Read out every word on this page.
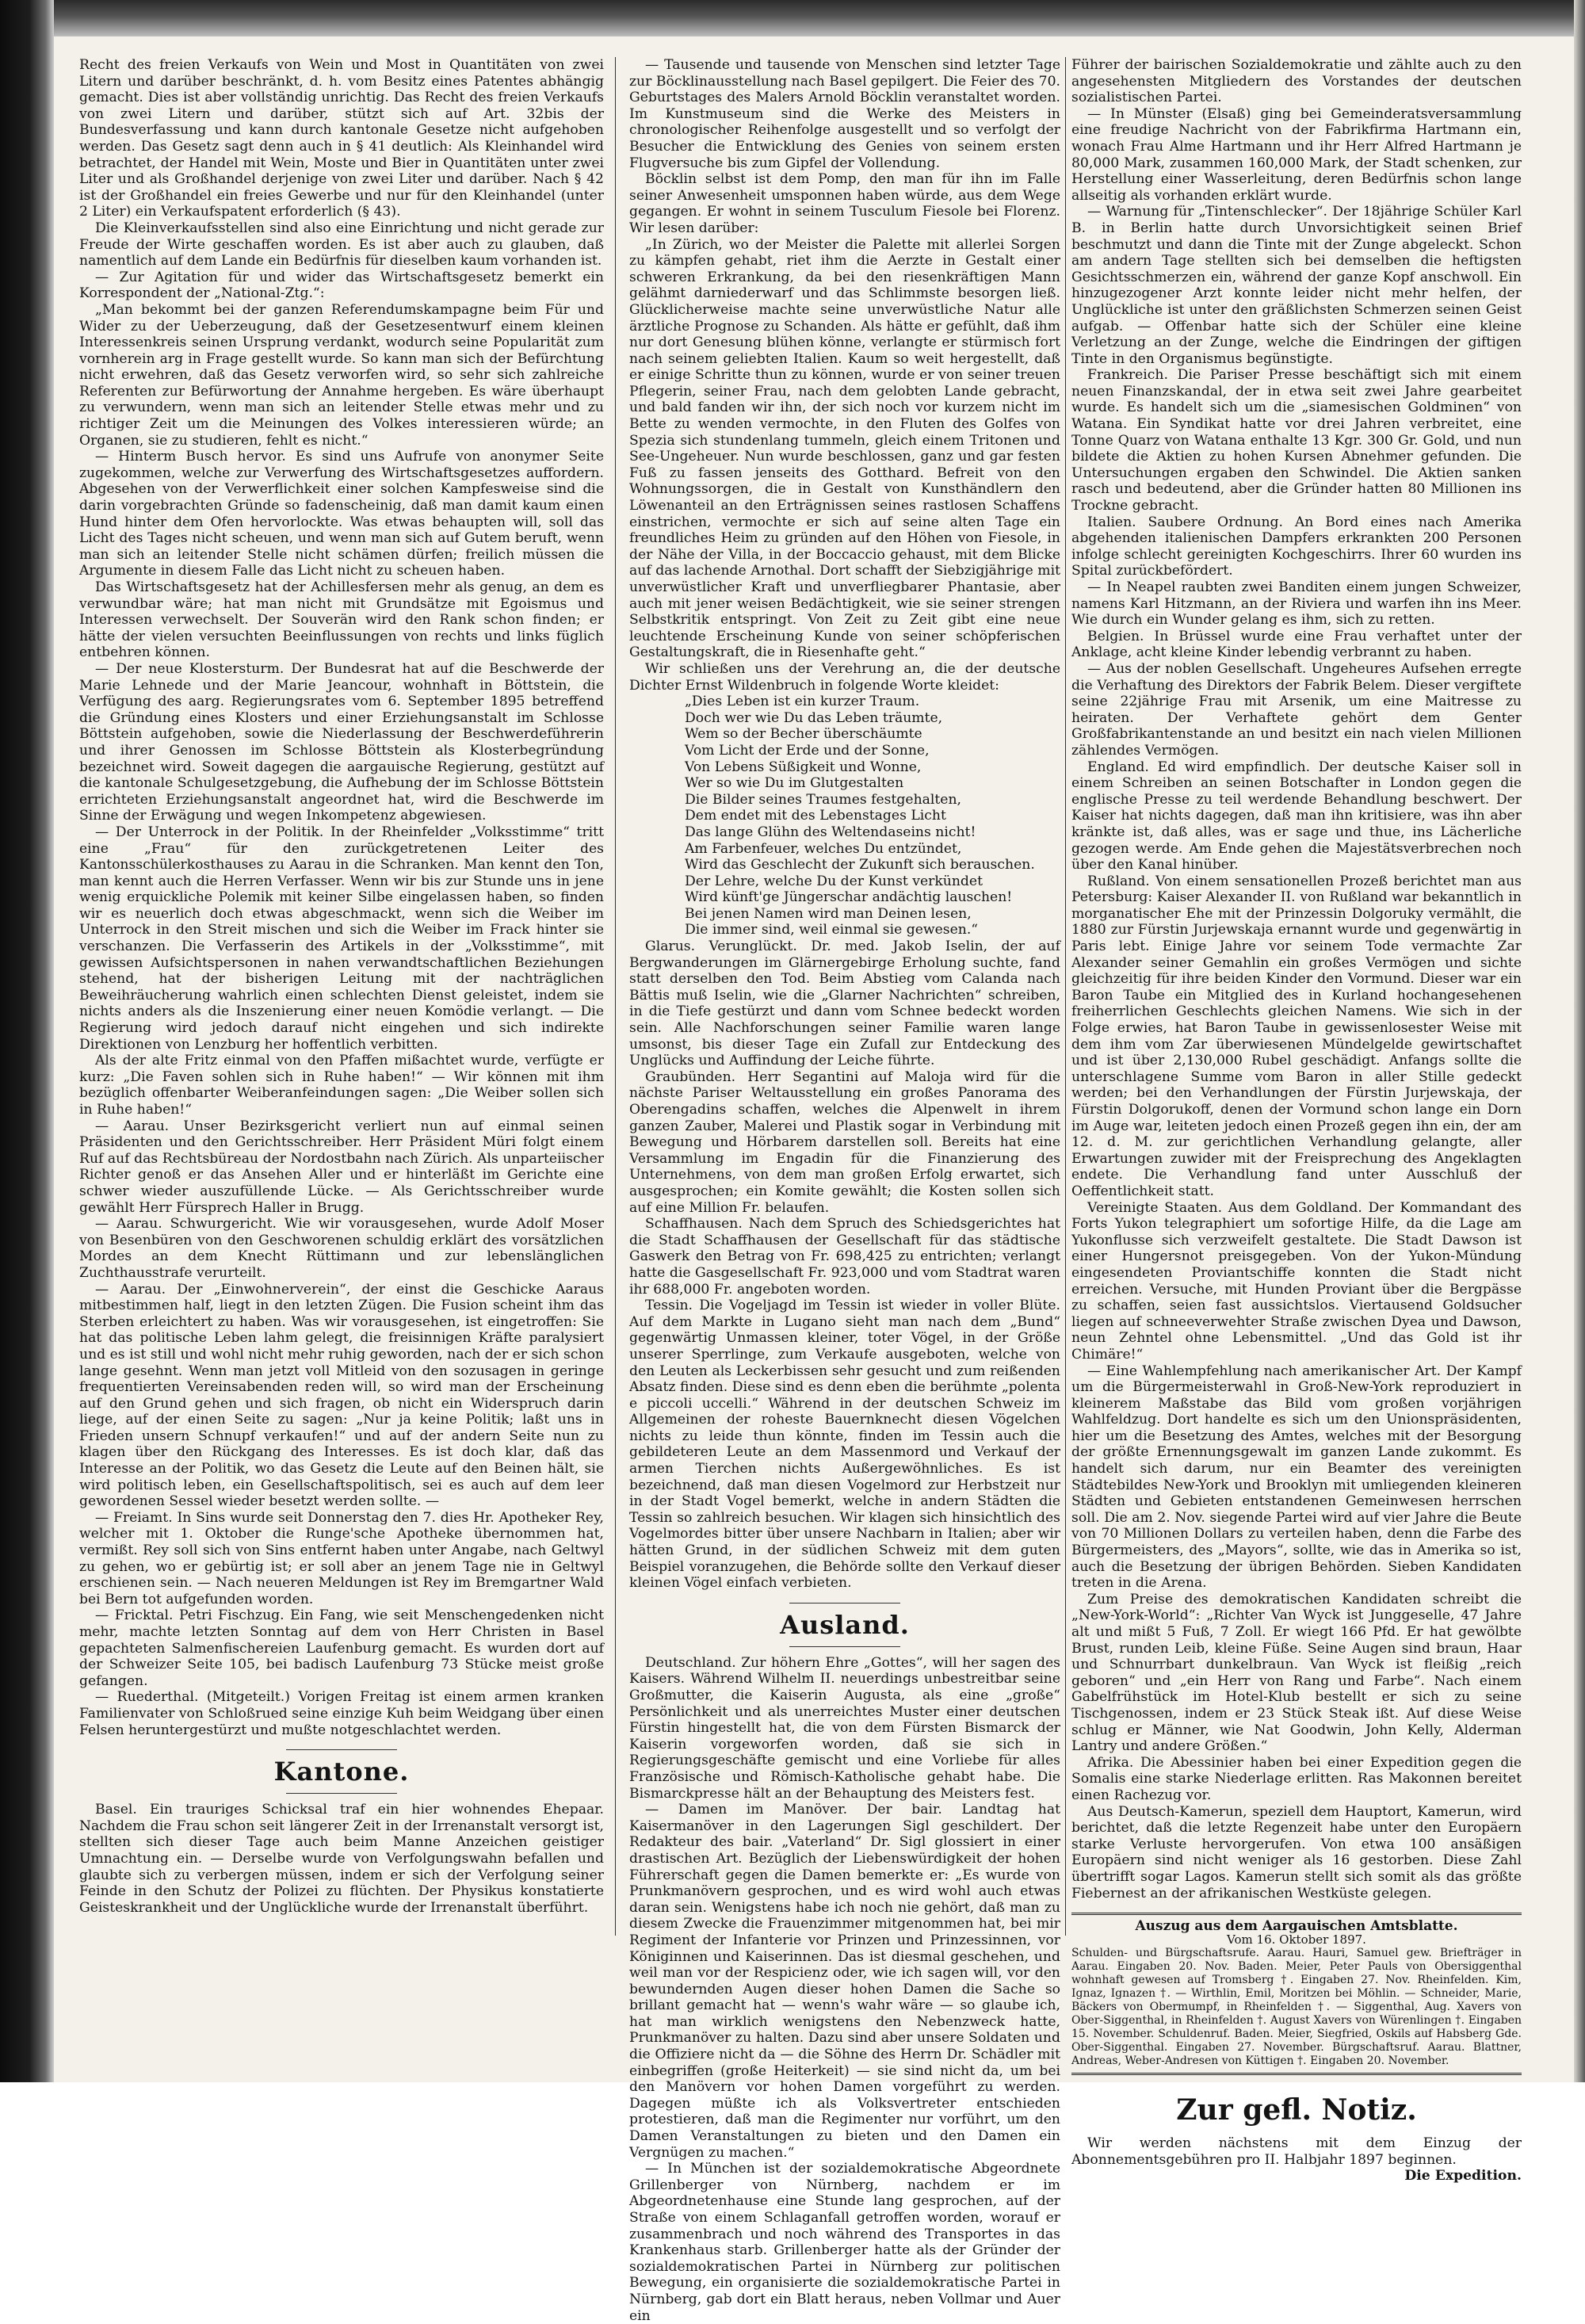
Recht des freien Verkaufs von Wein und Most in Quantitäten von zwei Litern und darüber beschränkt, d. h. vom Besitz eines Patentes abhängig gemacht. Dies ist aber vollständig unrichtig. Das Recht des freien Verkaufs von zwei Litern und darüber, stützt sich auf Art. 32bis der Bundesverfassung und kann durch kantonale Gesetze nicht aufgehoben werden. Das Gesetz sagt denn auch in § 41 deutlich: Als Kleinhandel wird betrachtet, der Handel mit Wein, Moste und Bier in Quantitäten unter zwei Liter und als Großhandel derjenige von zwei Liter und darüber. Nach § 42 ist der Großhandel ein freies Gewerbe und nur für den Kleinhandel (unter 2 Liter) ein Verkaufspatent erforderlich (§ 43).

Die Kleinverkaufsstellen sind also eine Einrichtung und nicht gerade zur Freude der Wirte geschaffen worden. Es ist aber auch zu glauben, daß namentlich auf dem Lande ein Bedürfnis für dieselben kaum vorhanden ist.

— Zur Agitation für und wider das Wirtschaftsgesetz bemerkt ein Korrespondent der „National-Ztg.“:

„Man bekommt bei der ganzen Referendumskampagne beim Für und Wider zu der Ueberzeugung, daß der Gesetzesentwurf einem kleinen Interessenkreis seinen Ursprung verdankt, wodurch seine Popularität zum vornherein arg in Frage gestellt wurde. So kann man sich der Befürchtung nicht erwehren, daß das Gesetz verworfen wird, so sehr sich zahlreiche Referenten zur Befürwortung der Annahme hergeben. Es wäre überhaupt zu verwundern, wenn man sich an leitender Stelle etwas mehr und zu richtiger Zeit um die Meinungen des Volkes interessieren würde; an Organen, sie zu studieren, fehlt es nicht.“

— Hinterm Busch hervor. Es sind uns Aufrufe von anonymer Seite zugekommen, welche zur Verwerfung des Wirtschaftsgesetzes auffordern. Abgesehen von der Verwerflichkeit einer solchen Kampfesweise sind die darin vorgebrachten Gründe so fadenscheinig, daß man damit kaum einen Hund hinter dem Ofen hervorlockte. Was etwas behaupten will, soll das Licht des Tages nicht scheuen, und wenn man sich auf Gutem beruft, wenn man sich an leitender Stelle nicht schämen dürfen; freilich müssen die Argumente in diesem Falle das Licht nicht zu scheuen haben.

Das Wirtschaftsgesetz hat der Achillesfersen mehr als genug, an dem es verwundbar wäre; hat man nicht mit Grundsätze mit Egoismus und Interessen verwechselt. Der Souverän wird den Rank schon finden; er hätte der vielen versuchten Beeinflussungen von rechts und links füglich entbehren können.

— Der neue Klostersturm. Der Bundesrat hat auf die Beschwerde der Marie Lehnede und der Marie Jeancour, wohnhaft in Böttstein, die Verfügung des aarg. Regierungsrates vom 6. September 1895 betreffend die Gründung eines Klosters und einer Erziehungsanstalt im Schlosse Böttstein aufgehoben, sowie die Niederlassung der Beschwerdeführerin und ihrer Genossen im Schlosse Böttstein als Klosterbegründung bezeichnet wird. Soweit dagegen die aargauische Regierung, gestützt auf die kantonale Schulgesetzgebung, die Aufhebung der im Schlosse Böttstein errichteten Erziehungsanstalt angeordnet hat, wird die Beschwerde im Sinne der Erwägung und wegen Inkompetenz abgewiesen.

— Der Unterrock in der Politik. In der Rheinfelder „Volksstimme“ tritt eine „Frau“ für den zurückgetretenen Leiter des Kantonsschülerkosthauses zu Aarau in die Schranken. Man kennt den Ton, man kennt auch die Herren Verfasser. Wenn wir bis zur Stunde uns in jene wenig erquickliche Polemik mit keiner Silbe eingelassen haben, so finden wir es neuerlich doch etwas abgeschmackt, wenn sich die Weiber im Unterrock in den Streit mischen und sich die Weiber im Frack hinter sie verschanzen. Die Verfasserin des Artikels in der „Volksstimme“, mit gewissen Aufsichtspersonen in nahen verwandtschaftlichen Beziehungen stehend, hat der bisherigen Leitung mit der nachträglichen Beweihräucherung wahrlich einen schlechten Dienst geleistet, indem sie nichts anders als die Inszenierung einer neuen Komödie verlangt. — Die Regierung wird jedoch darauf nicht eingehen und sich indirekte Direktionen von Lenzburg her hoffentlich verbitten.

Als der alte Fritz einmal von den Pfaffen mißachtet wurde, verfügte er kurz: „Die Faven sohlen sich in Ruhe haben!“ — Wir können mit ihm bezüglich offenbarter Weiberanfeindungen sagen: „Die Weiber sollen sich in Ruhe haben!“

— Aarau. Unser Bezirksgericht verliert nun auf einmal seinen Präsidenten und den Gerichtsschreiber. Herr Präsident Müri folgt einem Ruf auf das Rechtsbüreau der Nordostbahn nach Zürich. Als unparteiischer Richter genoß er das Ansehen Aller und er hinterläßt im Gerichte eine schwer wieder auszufüllende Lücke. — Als Gerichtsschreiber wurde gewählt Herr Fürsprech Haller in Brugg.

— Aarau. Schwurgericht. Wie wir vorausgesehen, wurde Adolf Moser von Besenbüren von den Geschworenen schuldig erklärt des vorsätzlichen Mordes an dem Knecht Rüttimann und zur lebenslänglichen Zuchthausstrafe verurteilt.

— Aarau. Der „Einwohnerverein“, der einst die Geschicke Aaraus mitbestimmen half, liegt in den letzten Zügen. Die Fusion scheint ihm das Sterben erleichtert zu haben. Was wir vorausgesehen, ist eingetroffen: Sie hat das politische Leben lahm gelegt, die freisinnigen Kräfte paralysiert und es ist still und wohl nicht mehr ruhig geworden, nach der er sich schon lange gesehnt. Wenn man jetzt voll Mitleid von den sozusagen in geringe frequentierten Vereinsabenden reden will, so wird man der Erscheinung auf den Grund gehen und sich fragen, ob nicht ein Widerspruch darin liege, auf der einen Seite zu sagen: „Nur ja keine Politik; laßt uns in Frieden unsern Schnupf verkaufen!“ und auf der andern Seite nun zu klagen über den Rückgang des Interesses. Es ist doch klar, daß das Interesse an der Politik, wo das Gesetz die Leute auf den Beinen hält, sie wird politisch leben, ein Gesellschaftspolitisch, sei es auch auf dem leer gewordenen Sessel wieder besetzt werden sollte. —

— Freiamt. In Sins wurde seit Donnerstag den 7. dies Hr. Apotheker Rey, welcher mit 1. Oktober die Runge'sche Apotheke übernommen hat, vermißt. Rey soll sich von Sins entfernt haben unter Angabe, nach Geltwyl zu gehen, wo er gebürtig ist; er soll aber an jenem Tage nie in Geltwyl erschienen sein. — Nach neueren Meldungen ist Rey im Bremgartner Wald bei Bern tot aufgefunden worden.

— Fricktal. Petri Fischzug. Ein Fang, wie seit Menschengedenken nicht mehr, machte letzten Sonntag auf dem von Herr Christen in Basel gepachteten Salmenfischereien Laufenburg gemacht. Es wurden dort auf der Schweizer Seite 105, bei badisch Laufenburg 73 Stücke meist große gefangen.

— Ruederthal. (Mitgeteilt.) Vorigen Freitag ist einem armen kranken Familienvater von Schloßrued seine einzige Kuh beim Weidgang über einen Felsen heruntergestürzt und mußte notgeschlachtet werden.

Kantone.

Basel. Ein trauriges Schicksal traf ein hier wohnendes Ehepaar. Nachdem die Frau schon seit längerer Zeit in der Irrenanstalt versorgt ist, stellten sich dieser Tage auch beim Manne Anzeichen geistiger Umnachtung ein. — Derselbe wurde von Verfolgungswahn befallen und glaubte sich zu verbergen müssen, indem er sich der Verfolgung seiner Feinde in den Schutz der Polizei zu flüchten. Der Physikus konstatierte Geisteskrankheit und der Unglückliche wurde der Irrenanstalt überführt.

— Tausende und tausende von Menschen sind letzter Tage zur Böcklinausstellung nach Basel gepilgert. Die Feier des 70. Geburtstages des Malers Arnold Böcklin veranstaltet worden. Im Kunstmuseum sind die Werke des Meisters in chronologischer Reihenfolge ausgestellt und so verfolgt der Besucher die Entwicklung des Genies von seinem ersten Flugversuche bis zum Gipfel der Vollendung.

Böcklin selbst ist dem Pomp, den man für ihn im Falle seiner Anwesenheit umsponnen haben würde, aus dem Wege gegangen. Er wohnt in seinem Tusculum Fiesole bei Florenz. Wir lesen darüber:

„In Zürich, wo der Meister die Palette mit allerlei Sorgen zu kämpfen gehabt, riet ihm die Aerzte in Gestalt einer schweren Erkrankung, da bei den riesenkräftigen Mann gelähmt darniederwarf und das Schlimmste besorgen ließ. Glücklicherweise machte seine unverwüstliche Natur alle ärztliche Prognose zu Schanden. Als hätte er gefühlt, daß ihm nur dort Genesung blühen könne, verlangte er stürmisch fort nach seinem geliebten Italien. Kaum so weit hergestellt, daß er einige Schritte thun zu können, wurde er von seiner treuen Pflegerin, seiner Frau, nach dem gelobten Lande gebracht, und bald fanden wir ihn, der sich noch vor kurzem nicht im Bette zu wenden vermochte, in den Fluten des Golfes von Spezia sich stundenlang tummeln, gleich einem Tritonen und See-Ungeheuer. Nun wurde beschlossen, ganz und gar festen Fuß zu fassen jenseits des Gotthard. Befreit von den Wohnungssorgen, die in Gestalt von Kunsthändlern den Löwenanteil an den Erträgnissen seines rastlosen Schaffens einstrichen, vermochte er sich auf seine alten Tage ein freundliches Heim zu gründen auf den Höhen von Fiesole, in der Nähe der Villa, in der Boccaccio gehaust, mit dem Blicke auf das lachende Arnothal. Dort schafft der Siebzigjährige mit unverwüstlicher Kraft und unverfliegbarer Phantasie, aber auch mit jener weisen Bedächtigkeit, wie sie seiner strengen Selbstkritik entspringt. Von Zeit zu Zeit gibt eine neue leuchtende Erscheinung Kunde von seiner schöpferischen Gestaltungskraft, die in Riesenhafte geht.“

Wir schließen uns der Verehrung an, die der deutsche Dichter Ernst Wildenbruch in folgende Worte kleidet:

„Dies Leben ist ein kurzer Traum.
Doch wer wie Du das Leben träumte,
Wem so der Becher überschäumte
Vom Licht der Erde und der Sonne,
Von Lebens Süßigkeit und Wonne,
Wer so wie Du im Glutgestalten
Die Bilder seines Traumes festgehalten,
Dem endet mit des Lebenstages Licht
Das lange Glühn des Weltendaseins nicht!
Am Farbenfeuer, welches Du entzündet,
Wird das Geschlecht der Zukunft sich berauschen.
Der Lehre, welche Du der Kunst verkündet
Wird künft'ge Jüngerschar andächtig lauschen!
Bei jenen Namen wird man Deinen lesen,
Die immer sind, weil einmal sie gewesen.“

Glarus. Verunglückt. Dr. med. Jakob Iselin, der auf Bergwanderungen im Glärnergebirge Erholung suchte, fand statt derselben den Tod. Beim Abstieg vom Calanda nach Bättis muß Iselin, wie die „Glarner Nachrichten“ schreiben, in die Tiefe gestürzt und dann vom Schnee bedeckt worden sein. Alle Nachforschungen seiner Familie waren lange umsonst, bis dieser Tage ein Zufall zur Entdeckung des Unglücks und Auffindung der Leiche führte.

Graubünden. Herr Segantini auf Maloja wird für die nächste Pariser Weltausstellung ein großes Panorama des Oberengadins schaffen, welches die Alpenwelt in ihrem ganzen Zauber, Malerei und Plastik sogar in Verbindung mit Bewegung und Hörbarem darstellen soll. Bereits hat eine Versammlung im Engadin für die Finanzierung des Unternehmens, von dem man großen Erfolg erwartet, sich ausgesprochen; ein Komite gewählt; die Kosten sollen sich auf eine Million Fr. belaufen.

Schaffhausen. Nach dem Spruch des Schiedsgerichtes hat die Stadt Schaffhausen der Gesellschaft für das städtische Gaswerk den Betrag von Fr. 698,425 zu entrichten; verlangt hatte die Gasgesellschaft Fr. 923,000 und vom Stadtrat waren ihr 688,000 Fr. angeboten worden.

Tessin. Die Vogeljagd im Tessin ist wieder in voller Blüte. Auf dem Markte in Lugano sieht man nach dem „Bund“ gegenwärtig Unmassen kleiner, toter Vögel, in der Größe unserer Sperrlinge, zum Verkaufe ausgeboten, welche von den Leuten als Leckerbissen sehr gesucht und zum reißenden Absatz finden. Diese sind es denn eben die berühmte „polenta e piccoli uccelli.“ Während in der deutschen Schweiz im Allgemeinen der roheste Bauernknecht diesen Vögelchen nichts zu leide thun könnte, finden im Tessin auch die gebildeteren Leute an dem Massenmord und Verkauf der armen Tierchen nichts Außergewöhnliches. Es ist bezeichnend, daß man diesen Vogelmord zur Herbstzeit nur in der Stadt Vogel bemerkt, welche in andern Städten die Tessin so zahlreich besuchen. Wir klagen sich hinsichtlich des Vogelmordes bitter über unsere Nachbarn in Italien; aber wir hätten Grund, in der südlichen Schweiz mit dem guten Beispiel voranzugehen, die Behörde sollte den Verkauf dieser kleinen Vögel einfach verbieten.

Ausland.

Deutschland. Zur höhern Ehre „Gottes“, will her sagen des Kaisers. Während Wilhelm II. neuerdings unbestreitbar seine Großmutter, die Kaiserin Augusta, als eine „große“ Persönlichkeit und als unerreichtes Muster einer deutschen Fürstin hingestellt hat, die von dem Fürsten Bismarck der Kaiserin vorgeworfen worden, daß sie sich in Regierungsgeschäfte gemischt und eine Vorliebe für alles Französische und Römisch-Katholische gehabt habe. Die Bismarckpresse hält an der Behauptung des Meisters fest.

— Damen im Manöver. Der bair. Landtag hat Kaisermanöver in den Lagerungen Sigl geschildert. Der Redakteur des bair. „Vaterland“ Dr. Sigl glossiert in einer drastischen Art. Bezüglich der Liebenswürdigkeit der hohen Führerschaft gegen die Damen bemerkte er: „Es wurde von Prunkmanövern gesprochen, und es wird wohl auch etwas daran sein. Wenigstens habe ich noch nie gehört, daß man zu diesem Zwecke die Frauenzimmer mitgenommen hat, bei mir Regiment der Infanterie vor Prinzen und Prinzessinnen, vor Königinnen und Kaiserinnen. Das ist diesmal geschehen, und weil man vor der Respicienz oder, wie ich sagen will, vor den bewundernden Augen dieser hohen Damen die Sache so brillant gemacht hat — wenn's wahr wäre — so glaube ich, hat man wirklich wenigstens den Nebenzweck hatte, Prunkmanöver zu halten. Dazu sind aber unsere Soldaten und die Offiziere nicht da — die Söhne des Herrn Dr. Schädler mit einbegriffen (große Heiterkeit) — sie sind nicht da, um bei den Manövern vor hohen Damen vorgeführt zu werden. Dagegen müßte ich als Volksvertreter entschieden protestieren, daß man die Regimenter nur vorführt, um den Damen Veranstaltungen zu bieten und den Damen ein Vergnügen zu machen.“

— In München ist der sozialdemokratische Abgeordnete Grillenberger von Nürnberg, nachdem er im Abgeordnetenhause eine Stunde lang gesprochen, auf der Straße von einem Schlaganfall getroffen worden, worauf er zusammenbrach und noch während des Transportes in das Krankenhaus starb. Grillenberger hatte als der Gründer der sozialdemokratischen Partei in Nürnberg zur politischen Bewegung, ein organisierte die sozialdemokratische Partei in Nürnberg, gab dort ein Blatt heraus, neben Vollmar und Auer ein

Führer der bairischen Sozialdemokratie und zählte auch zu den angesehensten Mitgliedern des Vorstandes der deutschen sozialistischen Partei.

— In Münster (Elsaß) ging bei Gemeinderatsversammlung eine freudige Nachricht von der Fabrikfirma Hartmann ein, wonach Frau Alme Hartmann und ihr Herr Alfred Hartmann je 80,000 Mark, zusammen 160,000 Mark, der Stadt schenken, zur Herstellung einer Wasserleitung, deren Bedürfnis schon lange allseitig als vorhanden erklärt wurde.

— Warnung für „Tintenschlecker“. Der 18jährige Schüler Karl B. in Berlin hatte durch Unvorsichtigkeit seinen Brief beschmutzt und dann die Tinte mit der Zunge abgeleckt. Schon am andern Tage stellten sich bei demselben die heftigsten Gesichtsschmerzen ein, während der ganze Kopf anschwoll. Ein hinzugezogener Arzt konnte leider nicht mehr helfen, der Unglückliche ist unter den gräßlichsten Schmerzen seinen Geist aufgab. — Offenbar hatte sich der Schüler eine kleine Verletzung an der Zunge, welche die Eindringen der giftigen Tinte in den Organismus begünstigte.

Frankreich. Die Pariser Presse beschäftigt sich mit einem neuen Finanzskandal, der in etwa seit zwei Jahre gearbeitet wurde. Es handelt sich um die „siamesischen Goldminen“ von Watana. Ein Syndikat hatte vor drei Jahren verbreitet, eine Tonne Quarz von Watana enthalte 13 Kgr. 300 Gr. Gold, und nun bildete die Aktien zu hohen Kursen Abnehmer gefunden. Die Untersuchungen ergaben den Schwindel. Die Aktien sanken rasch und bedeutend, aber die Gründer hatten 80 Millionen ins Trockne gebracht.

Italien. Saubere Ordnung. An Bord eines nach Amerika abgehenden italienischen Dampfers erkrankten 200 Personen infolge schlecht gereinigten Kochgeschirrs. Ihrer 60 wurden ins Spital zurückbefördert.

— In Neapel raubten zwei Banditen einem jungen Schweizer, namens Karl Hitzmann, an der Riviera und warfen ihn ins Meer. Wie durch ein Wunder gelang es ihm, sich zu retten.

Belgien. In Brüssel wurde eine Frau verhaftet unter der Anklage, acht kleine Kinder lebendig verbrannt zu haben.

— Aus der noblen Gesellschaft. Ungeheures Aufsehen erregte die Verhaftung des Direktors der Fabrik Belem. Dieser vergiftete seine 22jährige Frau mit Arsenik, um eine Maitresse zu heiraten. Der Verhaftete gehört dem Genter Großfabrikantenstande an und besitzt ein nach vielen Millionen zählendes Vermögen.

England. Ed wird empfindlich. Der deutsche Kaiser soll in einem Schreiben an seinen Botschafter in London gegen die englische Presse zu teil werdende Behandlung beschwert. Der Kaiser hat nichts dagegen, daß man ihn kritisiere, was ihn aber kränkte ist, daß alles, was er sage und thue, ins Lächerliche gezogen werde. Am Ende gehen die Majestätsverbrechen noch über den Kanal hinüber.

Rußland. Von einem sensationellen Prozeß berichtet man aus Petersburg: Kaiser Alexander II. von Rußland war bekanntlich in morganatischer Ehe mit der Prinzessin Dolgoruky vermählt, die 1880 zur Fürstin Jurjewskaja ernannt wurde und gegenwärtig in Paris lebt. Einige Jahre vor seinem Tode vermachte Zar Alexander seiner Gemahlin ein großes Vermögen und sichte gleichzeitig für ihre beiden Kinder den Vormund. Dieser war ein Baron Taube ein Mitglied des in Kurland hochangesehenen freiherrlichen Geschlechts gleichen Namens. Wie sich in der Folge erwies, hat Baron Taube in gewissenlosester Weise mit dem ihm vom Zar überwiesenen Mündelgelde gewirtschaftet und ist über 2,130,000 Rubel geschädigt. Anfangs sollte die unterschlagene Summe vom Baron in aller Stille gedeckt werden; bei den Verhandlungen der Fürstin Jurjewskaja, der Fürstin Dolgorukoff, denen der Vormund schon lange ein Dorn im Auge war, leiteten jedoch einen Prozeß gegen ihn ein, der am 12. d. M. zur gerichtlichen Verhandlung gelangte, aller Erwartungen zuwider mit der Freisprechung des Angeklagten endete. Die Verhandlung fand unter Ausschluß der Oeffentlichkeit statt.

Vereinigte Staaten. Aus dem Goldland. Der Kommandant des Forts Yukon telegraphiert um sofortige Hilfe, da die Lage am Yukonflusse sich verzweifelt gestaltete. Die Stadt Dawson ist einer Hungersnot preisgegeben. Von der Yukon-Mündung eingesendeten Proviantschiffe konnten die Stadt nicht erreichen. Versuche, mit Hunden Proviant über die Bergpässe zu schaffen, seien fast aussichtslos. Viertausend Goldsucher liegen auf schneeverwehter Straße zwischen Dyea und Dawson, neun Zehntel ohne Lebensmittel. „Und das Gold ist ihr Chimäre!“

— Eine Wahlempfehlung nach amerikanischer Art. Der Kampf um die Bürgermeisterwahl in Groß-New-York reproduziert in kleinerem Maßstabe das Bild vom großen vorjährigen Wahlfeldzug. Dort handelte es sich um den Unionspräsidenten, hier um die Besetzung des Amtes, welches mit der Besorgung der größte Ernennungsgewalt im ganzen Lande zukommt. Es handelt sich darum, nur ein Beamter des vereinigten Städtebildes New-York und Brooklyn mit umliegenden kleineren Städten und Gebieten entstandenen Gemeinwesen herrschen soll. Die am 2. Nov. siegende Partei wird auf vier Jahre die Beute von 70 Millionen Dollars zu verteilen haben, denn die Farbe des Bürgermeisters, des „Mayors“, sollte, wie das in Amerika so ist, auch die Besetzung der übrigen Behörden. Sieben Kandidaten treten in die Arena.

Zum Preise des demokratischen Kandidaten schreibt die „New-York-World“: „Richter Van Wyck ist Junggeselle, 47 Jahre alt und mißt 5 Fuß, 7 Zoll. Er wiegt 166 Pfd. Er hat gewölbte Brust, runden Leib, kleine Füße. Seine Augen sind braun, Haar und Schnurrbart dunkelbraun. Van Wyck ist fleißig „reich geboren“ und „ein Herr von Rang und Farbe“. Nach einem Gabelfrühstück im Hotel-Klub bestellt er sich zu seine Tischgenossen, indem er 23 Stück Steak ißt. Auf diese Weise schlug er Männer, wie Nat Goodwin, John Kelly, Alderman Lantry und andere Größen.“

Afrika. Die Abessinier haben bei einer Expedition gegen die Somalis eine starke Niederlage erlitten. Ras Makonnen bereitet einen Rachezug vor.

Aus Deutsch-Kamerun, speziell dem Hauptort, Kamerun, wird berichtet, daß die letzte Regenzeit habe unter den Europäern starke Verluste hervorgerufen. Von etwa 100 ansäßigen Europäern sind nicht weniger als 16 gestorben. Diese Zahl übertrifft sogar Lagos. Kamerun stellt sich somit als das größte Fiebernest an der afrikanischen Westküste gelegen.

Auszug aus dem Aargauischen Amtsblatte.
Vom 16. Oktober 1897.

Schulden- und Bürgschaftsrufe. Aarau. Hauri, Samuel gew. Briefträger in Aarau. Eingaben 20. Nov. Baden. Meier, Peter Pauls von Obersiggenthal wohnhaft gewesen auf Tromsberg †. Eingaben 27. Nov. Rheinfelden. Kim, Ignaz, Ignazen †. — Wirthlin, Emil, Moritzen bei Möhlin. — Schneider, Marie, Bäckers von Obermumpf, in Rheinfelden †. — Siggenthal, Aug. Xavers von Ober-Siggenthal, in Rheinfelden †. August Xavers von Würenlingen †. Eingaben 15. November. Schuldenruf. Baden. Meier, Siegfried, Oskils auf Habsberg Gde. Ober-Siggenthal. Eingaben 27. November. Bürgschaftsruf. Aarau. Blattner, Andreas, Weber-Andresen von Küttigen †. Eingaben 20. November.

Zur gefl. Notiz.

Wir werden nächstens mit dem Einzug der Abonnementsgebühren pro II. Halbjahr 1897 beginnen.

Die Expedition.
